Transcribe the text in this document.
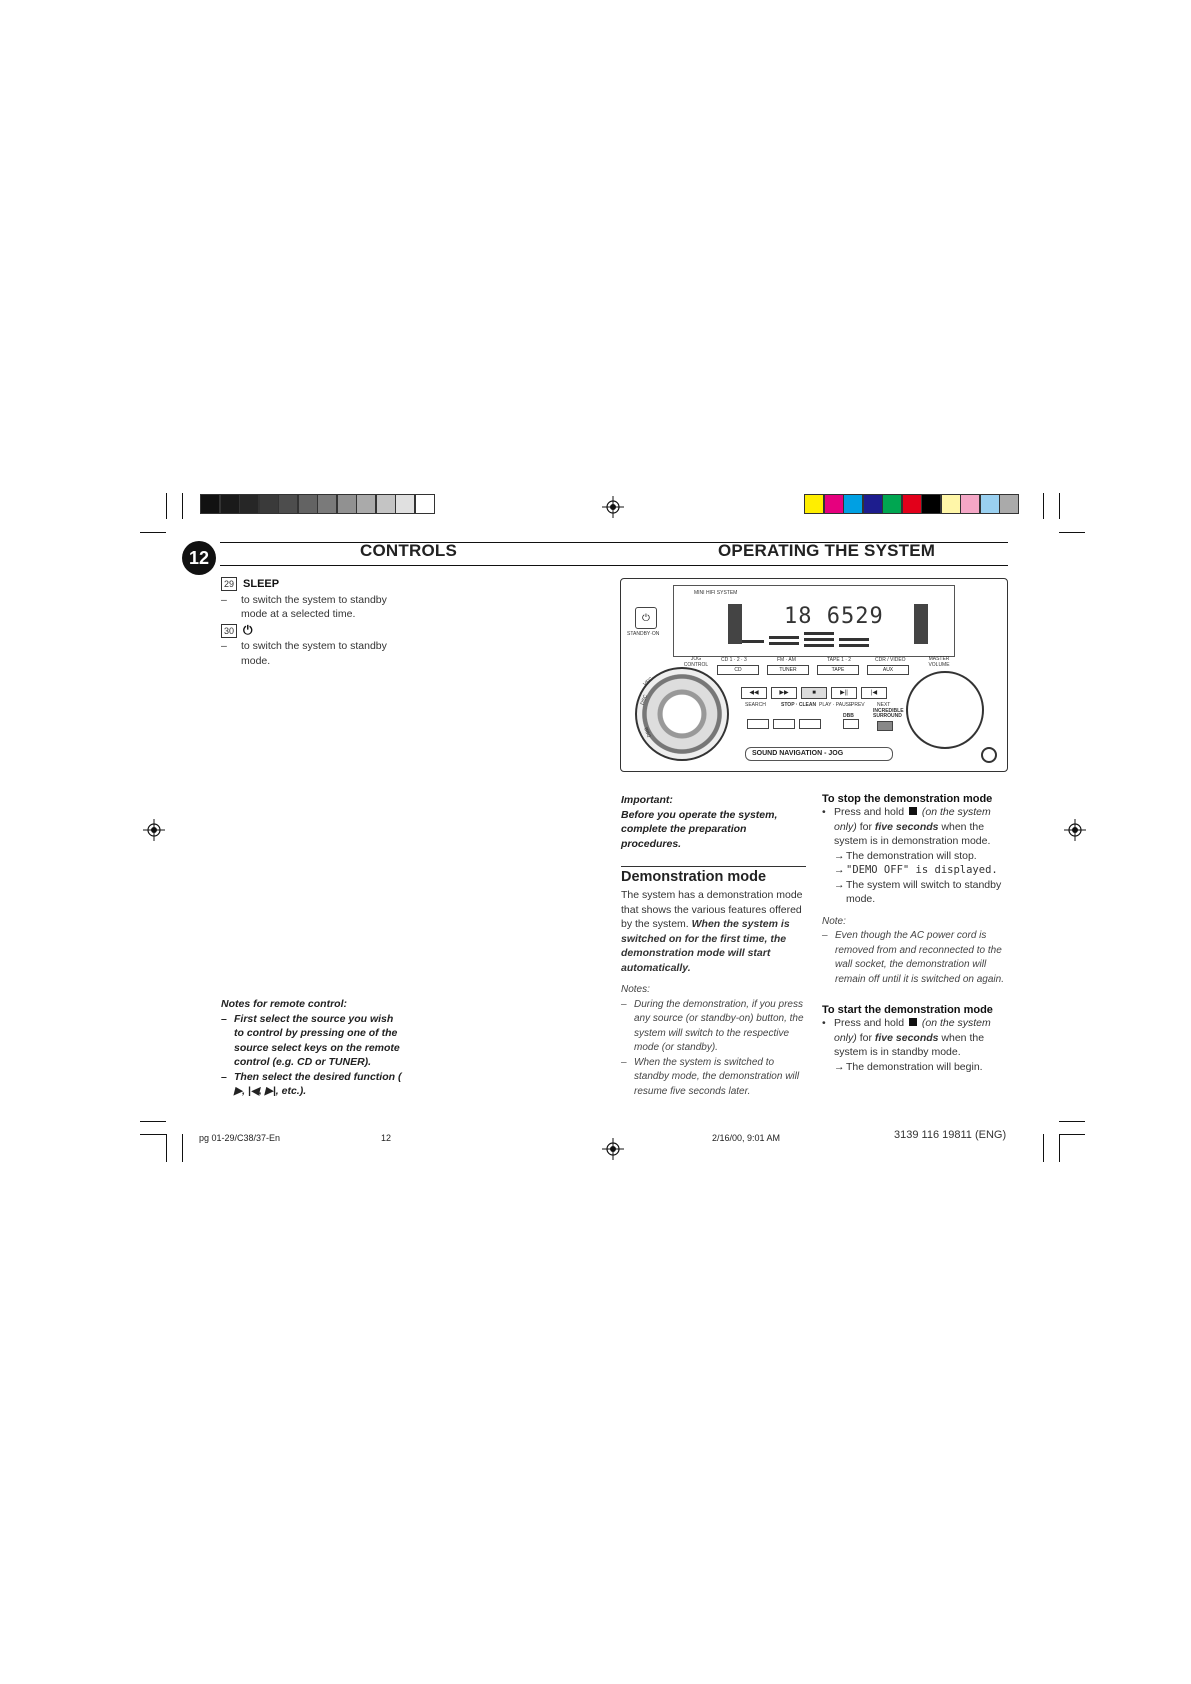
12	CONTROLS	OPERATING THE SYSTEM
29 SLEEP
–	to switch the system to standby mode at a selected time.
30 ⏻
–	to switch the system to standby mode.
Notes for remote control:
– First select the source you wish to control by pressing one of the source select keys on the remote control (e.g. CD or TUNER).
– Then select the desired function ( ▶, |◀, ▶|, etc.).
MINI HIFI SYSTEM
18 6529
⏻
STANDBY·ON
JOG CONTROL
CD 1 · 2 · 3	FM · AM	TAPE 1 · 2	CDR / VIDEO	MASTER VOLUME
CD	TUNER	TAPE	AUX
DSC
VEC
DBB
◀◀	▶▶	■	▶||	|◀
SEARCH	STOP · CLEAN PLAY · PAUSE
PREV NEXT
DBB
INCREDIBLE SURROUND
SOUND NAVIGATION - JOG
Important:
Before you operate the system, complete the preparation procedures.
Demonstration mode
The system has a demonstration mode that shows the various features offered by the system. When the system is switched on for the first time, the demonstration mode will start automatically.
Notes:
– During the demonstration, if you press any source (or standby-on) button, the system will switch to the respective mode (or standby).
– When the system is switched to standby mode, the demonstration will resume five seconds later.
To stop the demonstration mode
• Press and hold (on the system only) for five seconds when the system is in demonstration mode.
→ The demonstration will stop.
→ "DEMO OFF" is displayed.
→ The system will switch to standby mode.
Note:
– Even though the AC power cord is removed from and reconnected to the wall socket, the demonstration will remain off until it is switched on again.
To start the demonstration mode
• Press and hold (on the system only) for five seconds when the system is in standby mode.
→ The demonstration will begin.
pg 01-29/C38/37-En	12	2/16/00, 9:01 AM	3139 116 19811 (ENG)
